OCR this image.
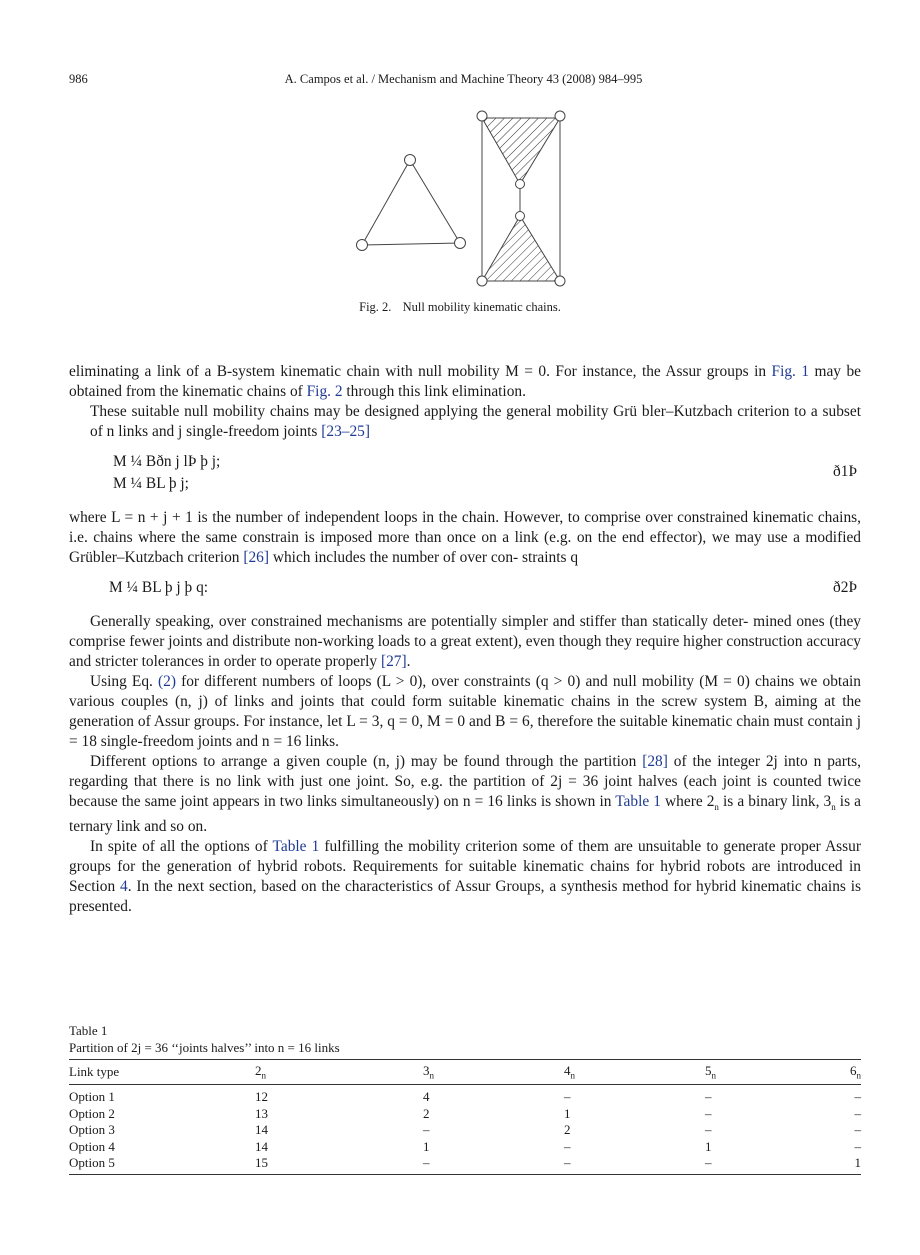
986	A. Campos et al. / Mechanism and Machine Theory 43 (2008) 984–995
Fig. 2. Null mobility kinematic chains.

eliminating a link of a B-system kinematic chain with null mobility M = 0. For instance, the Assur groups in Fig. 1 may be obtained from the kinematic chains of Fig. 2 through this link elimination.

These suitable null mobility chains may be designed applying the general mobility Grü bler–Kutzbach criterion to a subset of n links and j single-freedom joints [23–25]

M ¼ Bðn j lÞ þ j;
M ¼ BL þ j;
ð1Þ

where L = n + j + 1 is the number of independent loops in the chain. However, to comprise over constrained kinematic chains, i.e. chains where the same constrain is imposed more than once on a link (e.g. on the end effector), we may use a modified Grübler–Kutzbach criterion [26] which includes the number of over con- straints q

M ¼ BL þ j þ q:	ð2Þ

Generally speaking, over constrained mechanisms are potentially simpler and stiffer than statically deter- mined ones (they comprise fewer joints and distribute non-working loads to a great extent), even though they require higher construction accuracy and stricter tolerances in order to operate properly [27].

Using Eq. (2) for different numbers of loops (L > 0), over constraints (q > 0) and null mobility (M = 0) chains we obtain various couples (n, j) of links and joints that could form suitable kinematic chains in the screw system B, aiming at the generation of Assur groups. For instance, let L = 3, q = 0, M = 0 and B = 6, therefore the suitable kinematic chain must contain j = 18 single-freedom joints and n = 16 links.

Different options to arrange a given couple (n, j) may be found through the partition [28] of the integer 2j into n parts, regarding that there is no link with just one joint. So, e.g. the partition of 2j = 36 joint halves (each joint is counted twice because the same joint appears in two links simultaneously) on n = 16 links is shown in Table 1 where $2_n$ is a binary link, $3_n$ is a ternary link and so on.

In spite of all the options of Table 1 fulfilling the mobility criterion some of them are unsuitable to generate proper Assur groups for the generation of hybrid robots. Requirements for suitable kinematic chains for hybrid robots are introduced in Section 4. In the next section, based on the characteristics of Assur Groups, a synthesis method for hybrid kinematic chains is presented.

Table 1
Partition of 2j = 36 ‘‘joints halves’’ into n = 16 links
Link type	$2_n$	$3_n$	$4_n$	$5_n$	$6_n$
Option 1	12	4	–	–	–
Option 2	13	2	1	–	–
Option 3	14	–	2	–	–
Option 4	14	1	–	1	–
Option 5	15	–	–	–	1
